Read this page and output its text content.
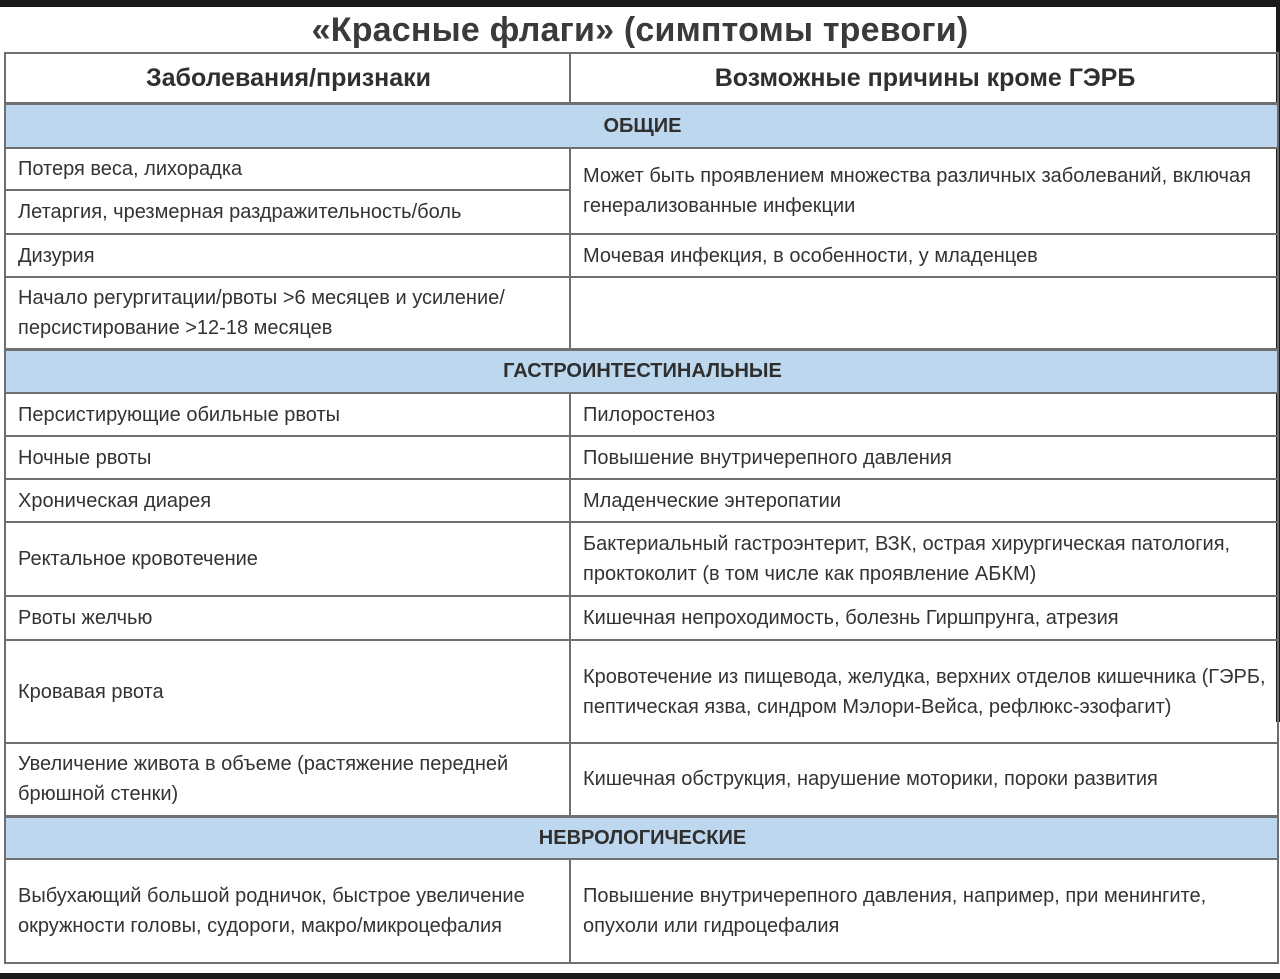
«Красные флаги» (симптомы тревоги)
Заболевания/признаки	Возможные причины кроме ГЭРБ
ОБЩИЕ	
Потеря веса, лихорадка	Может быть проявлением множества различных заболеваний, включая генерализованные инфекции
Летаргия, чрезмерная раздражительность/боль	
Дизурия	Мочевая инфекция, в особенности, у младенцев
Начало регургитации/рвоты >6 месяцев и усиление/персистирование >12-18 месяцев	
ГАСТРОИНТЕСТИНАЛЬНЫЕ	
Персистирующие обильные рвоты	Пилоростеноз
Ночные рвоты	Повышение внутричерепного давления
Хроническая диарея	Младенческие энтеропатии
Ректальное кровотечение	Бактериальный гастроэнтерит, ВЗК, острая хирургическая патология, проктоколит (в том числе как проявление АБКМ)
Рвоты желчью	Кишечная непроходимость, болезнь Гиршпрунга, атрезия
Кровавая рвота	Кровотечение из пищевода, желудка, верхних отделов кишечника (ГЭРБ, пептическая язва, синдром Мэлори-Вейса, рефлюкс-эзофагит)
Увеличение живота в объеме (растяжение передней брюшной стенки)	Кишечная обструкция, нарушение моторики, пороки развития
НЕВРОЛОГИЧЕСКИЕ	
Выбухающий большой родничок, быстрое увеличение окружности головы, судороги, макро/микроцефалия	Повышение внутричерепного давления, например, при менингите, опухоли или гидроцефалия
